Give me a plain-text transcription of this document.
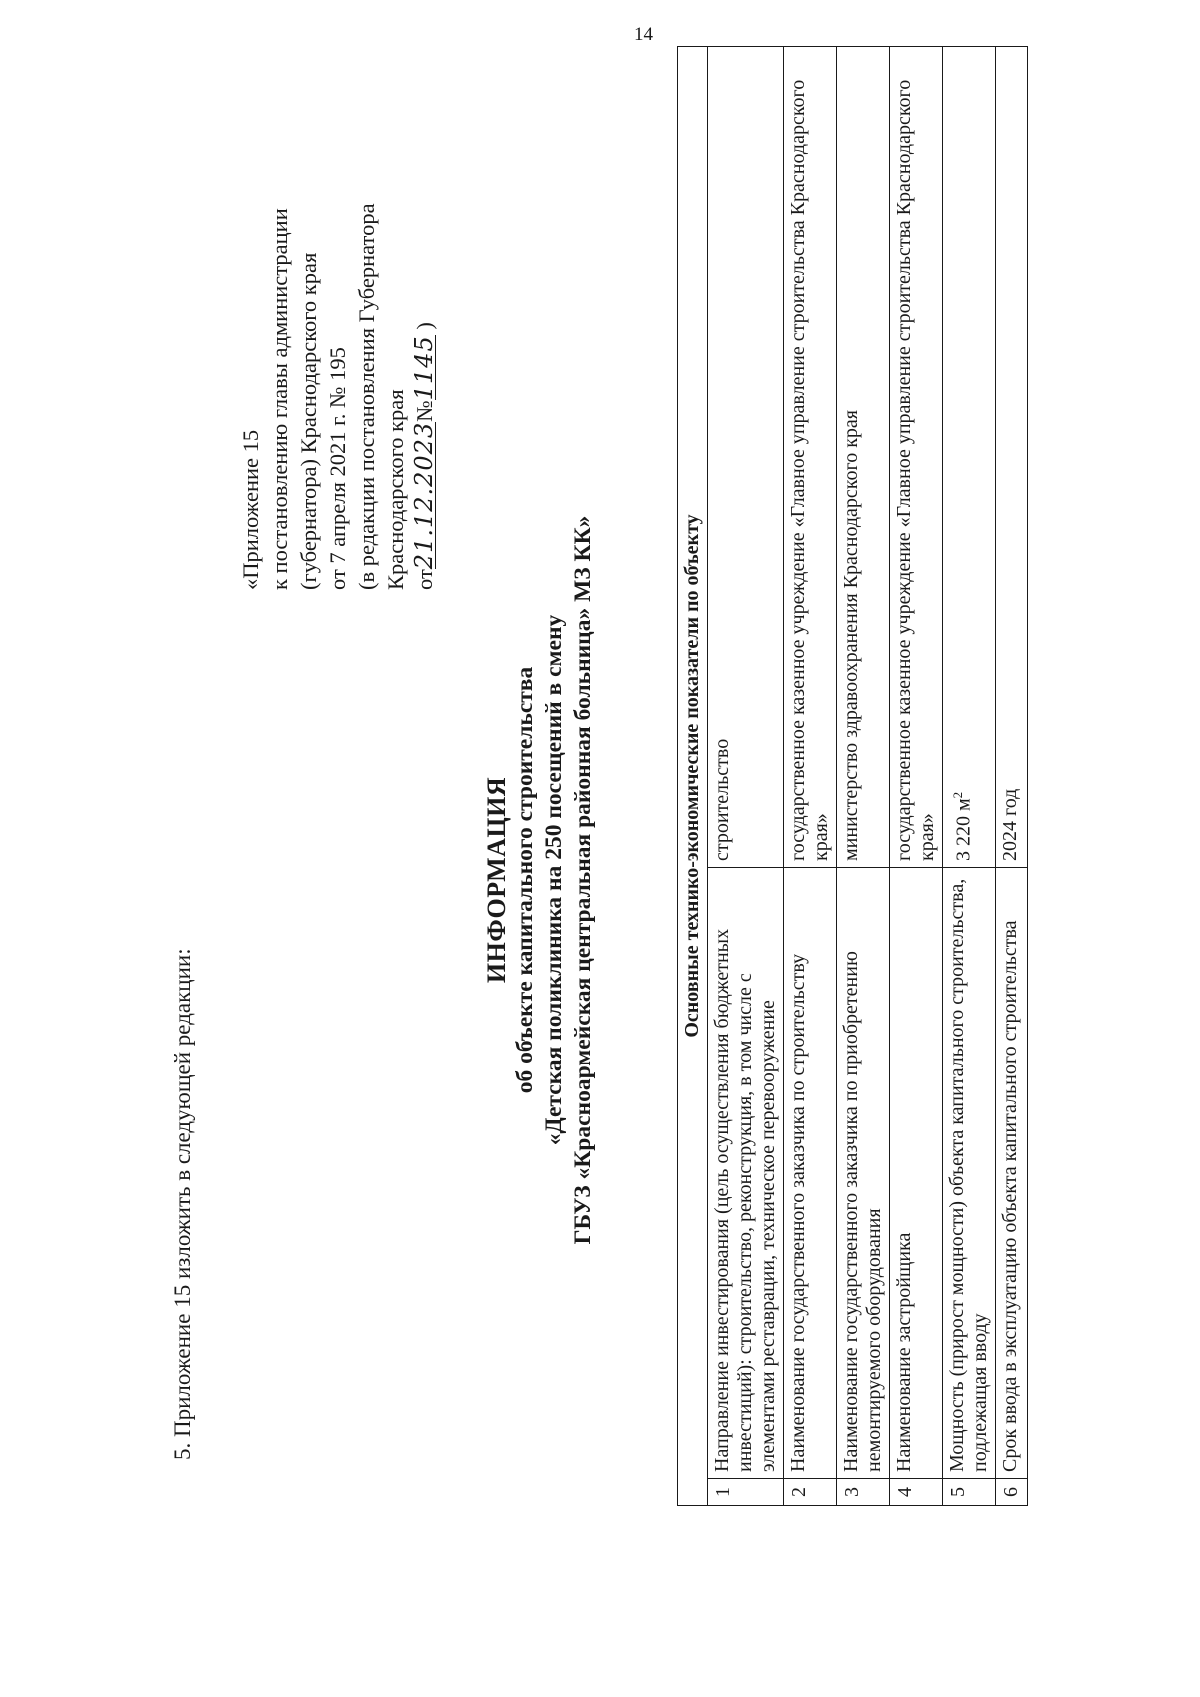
14
5. Приложение 15 изложить в следующей редакции:
«Приложение 15 к постановлению главы администрации (губернатора) Краснодарского края от 7 апреля 2021 г. № 195 (в редакции постановления Губернатора Краснодарского края от21.12.2023№1145 )
ИНФОРМАЦИЯ об объекте капитального строительства «Детская поликлиника на 250 посещений в смену ГБУЗ «Красноармейская центральная районная больница» МЗ КК»	Основные технико-экономические показатели по объекту		
1	Направление инвестирования (цель осуществления бюджетных инвестиций): строительство, реконструкция, в том числе с элементами реставрации, техническое перевооружение	строительство
2	Наименование государственного заказчика по строительству	государственное казенное учреждение «Главное управление строительства Краснодарского края»
3	Наименование государственного заказчика по приобретению немонтируемого оборудования	министерство здравоохранения Краснодарского края
4	Наименование застройщика	государственное казенное учреждение «Главное управление строительства Краснодарского края»
5	Мощность (прирост мощности) объекта капитального строительства, подлежащая вводу	3 220 $м^2$
6	Срок ввода в эксплуатацию объекта капитального строительства	2024 год
